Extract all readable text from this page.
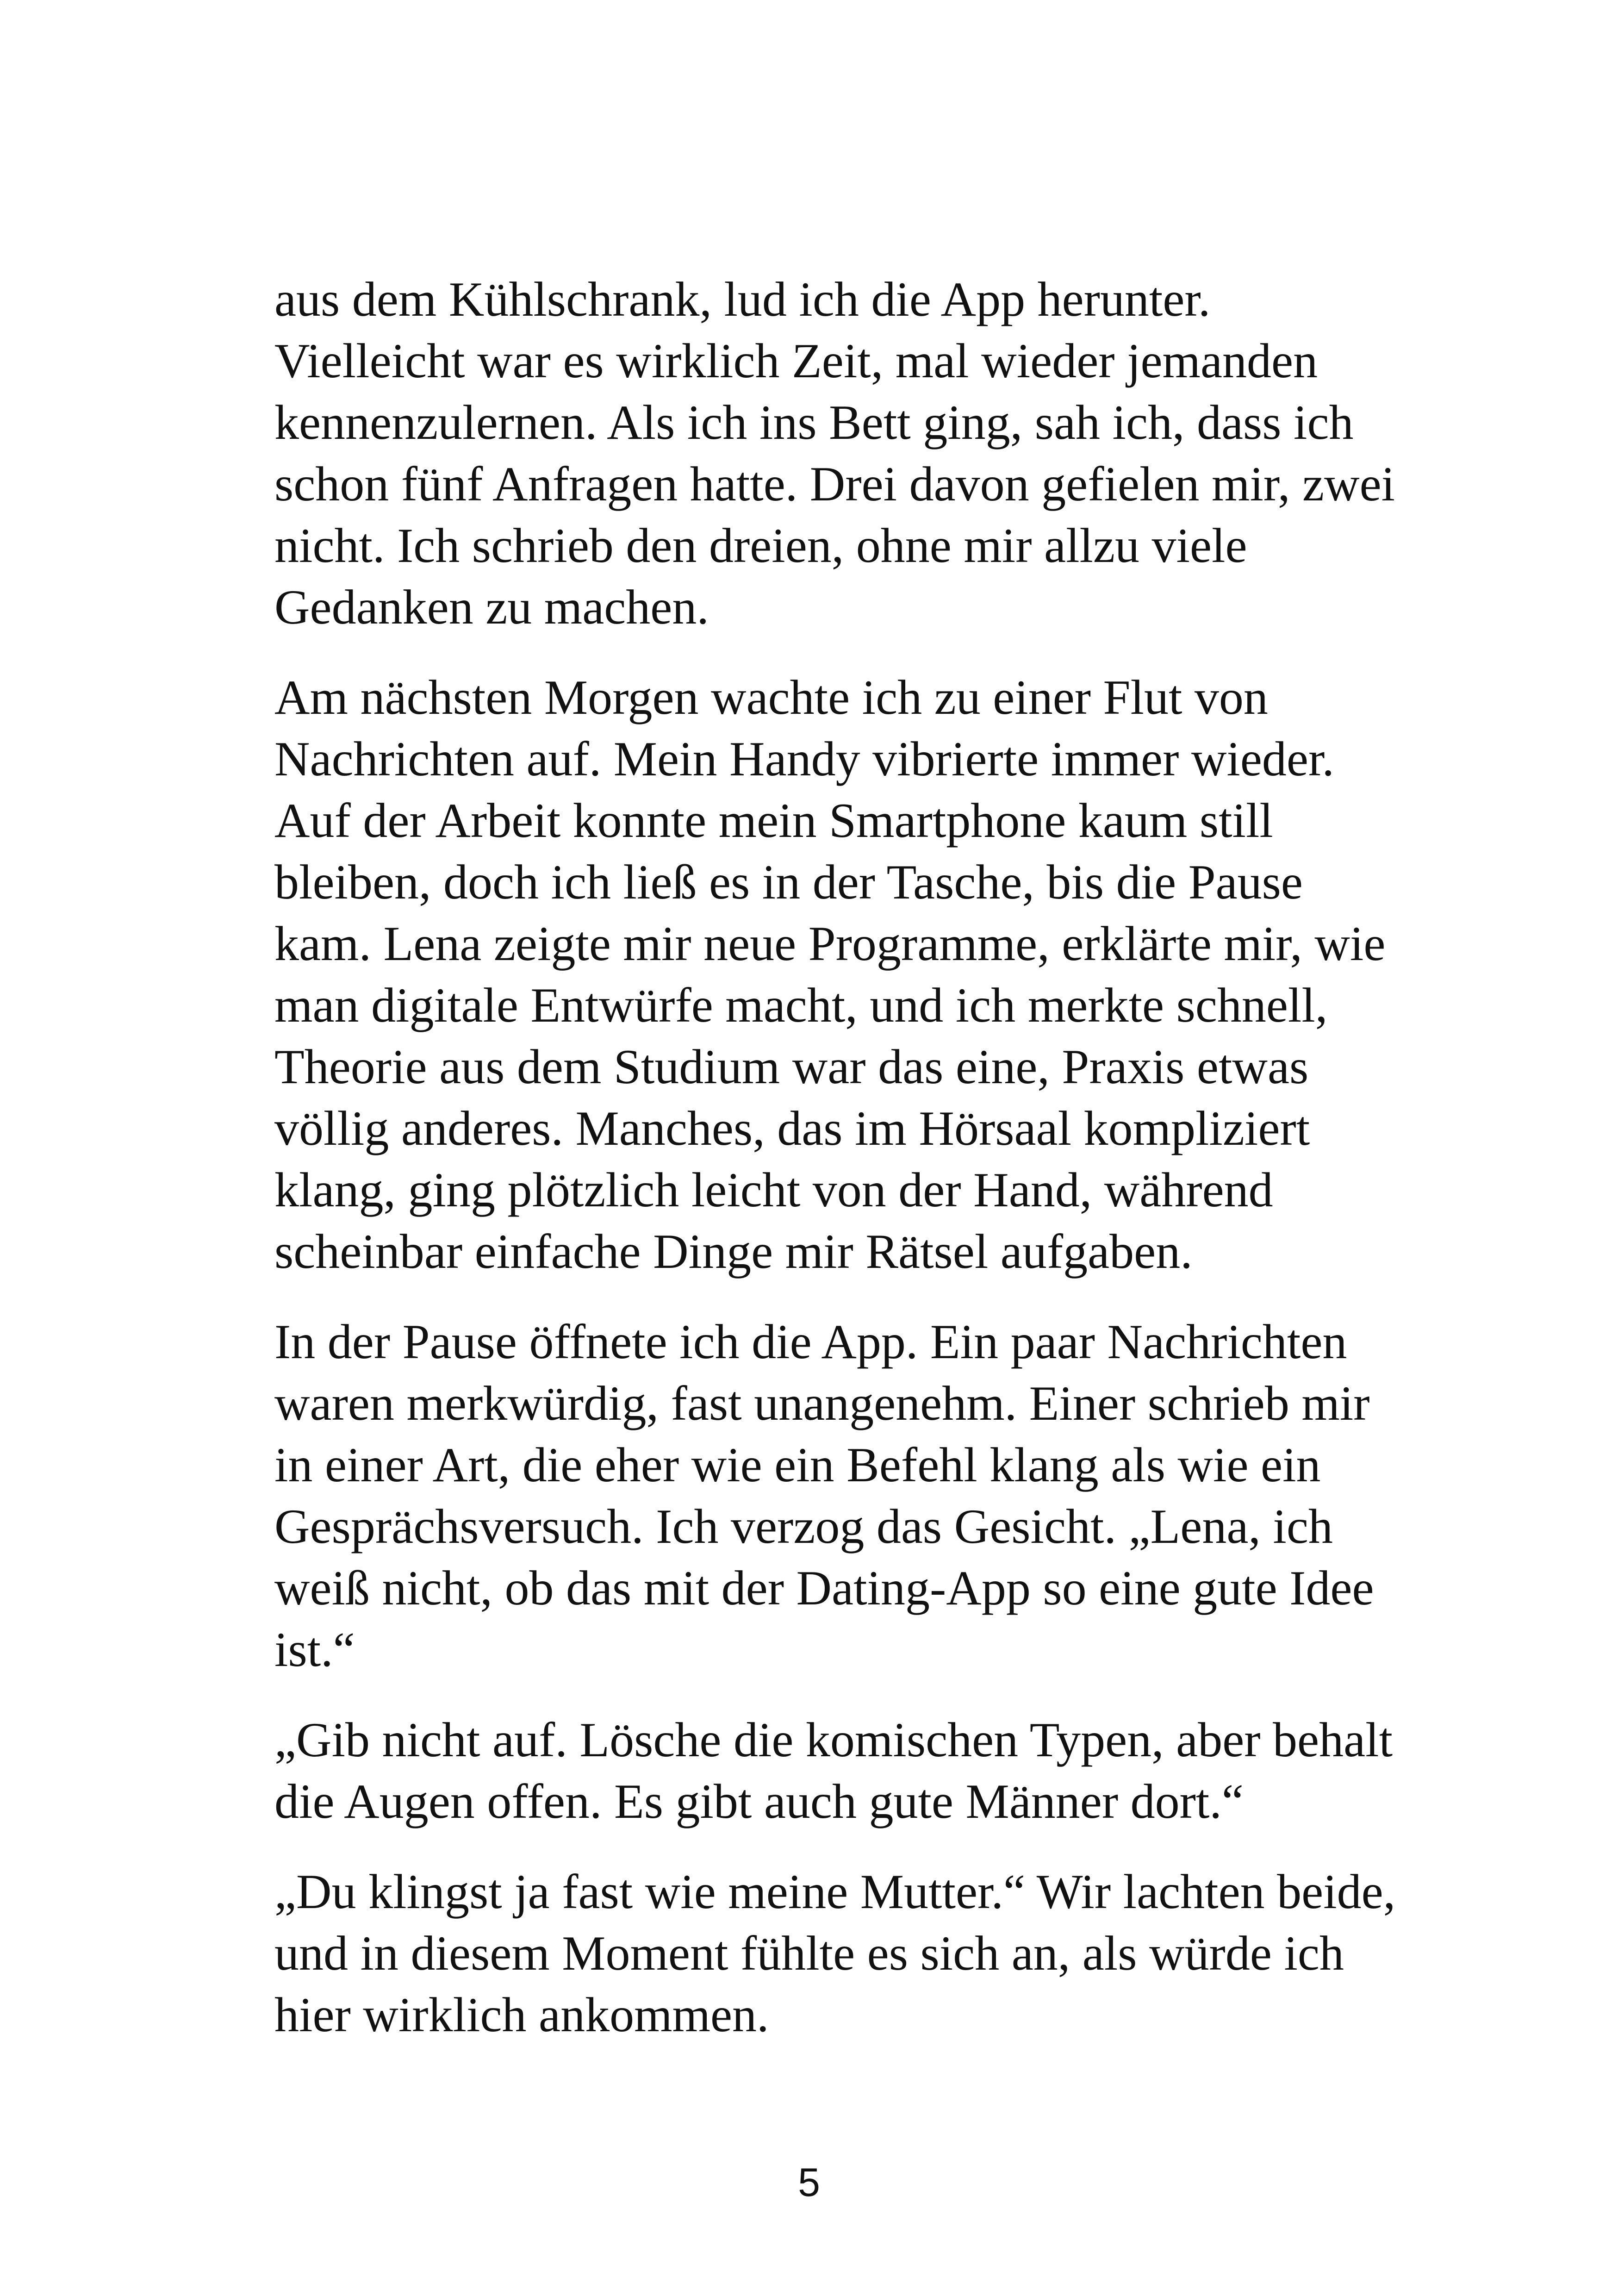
aus dem Kühlschrank, lud ich die App herunter.
Vielleicht war es wirklich Zeit, mal wieder jemanden
kennenzulernen. Als ich ins Bett ging, sah ich, dass ich
schon fünf Anfragen hatte. Drei davon gefielen mir, zwei
nicht. Ich schrieb den dreien, ohne mir allzu viele
Gedanken zu machen.

Am nächsten Morgen wachte ich zu einer Flut von
Nachrichten auf. Mein Handy vibrierte immer wieder.
Auf der Arbeit konnte mein Smartphone kaum still
bleiben, doch ich ließ es in der Tasche, bis die Pause
kam. Lena zeigte mir neue Programme, erklärte mir, wie
man digitale Entwürfe macht, und ich merkte schnell,
Theorie aus dem Studium war das eine, Praxis etwas
völlig anderes. Manches, das im Hörsaal kompliziert
klang, ging plötzlich leicht von der Hand, während
scheinbar einfache Dinge mir Rätsel aufgaben.

In der Pause öffnete ich die App. Ein paar Nachrichten
waren merkwürdig, fast unangenehm. Einer schrieb mir
in einer Art, die eher wie ein Befehl klang als wie ein
Gesprächsversuch. Ich verzog das Gesicht. „Lena, ich
weiß nicht, ob das mit der Dating-App so eine gute Idee
ist.“

„Gib nicht auf. Lösche die komischen Typen, aber behalt
die Augen offen. Es gibt auch gute Männer dort.“

„Du klingst ja fast wie meine Mutter.“ Wir lachten beide,
und in diesem Moment fühlte es sich an, als würde ich
hier wirklich ankommen.

5
